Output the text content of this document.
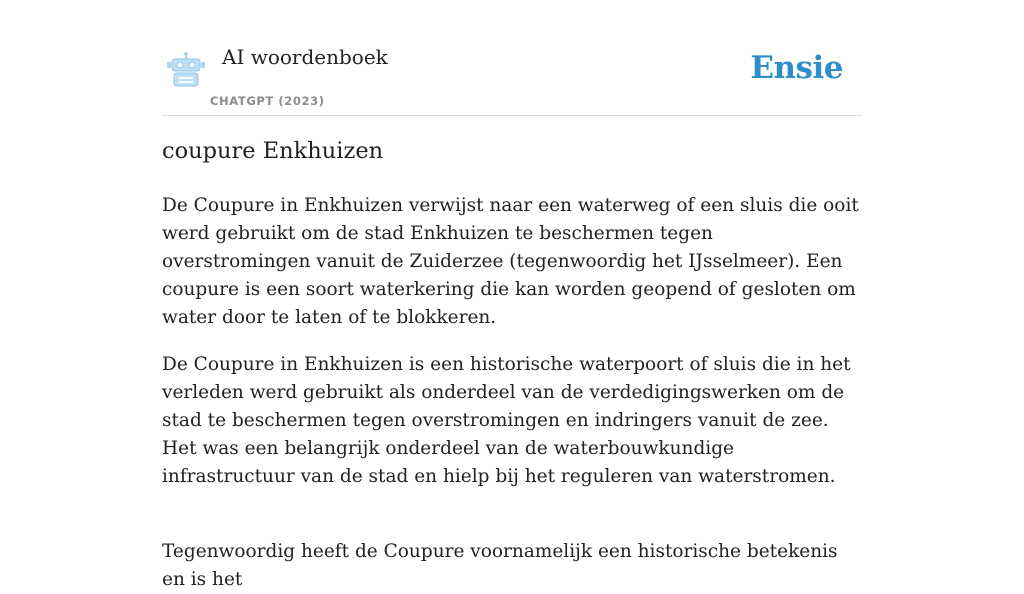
AI woordenboek
CHATGPT (2023)
Ensie
coupure Enkhuizen

De Coupure in Enkhuizen verwijst naar een waterweg of een sluis die ooit werd gebruikt om de stad Enkhuizen te beschermen tegen overstromingen vanuit de Zuiderzee (tegenwoordig het IJsselmeer). Een coupure is een soort waterkering die kan worden geopend of gesloten om water door te laten of te blokkeren.

De Coupure in Enkhuizen is een historische waterpoort of sluis die in het verleden werd gebruikt als onderdeel van de verdedigingswerken om de stad te beschermen tegen overstromingen en indringers vanuit de zee. Het was een belangrijk onderdeel van de waterbouwkundige infrastructuur van de stad en hielp bij het reguleren van waterstromen.

Tegenwoordig heeft de Coupure voornamelijk een historische betekenis en is het
